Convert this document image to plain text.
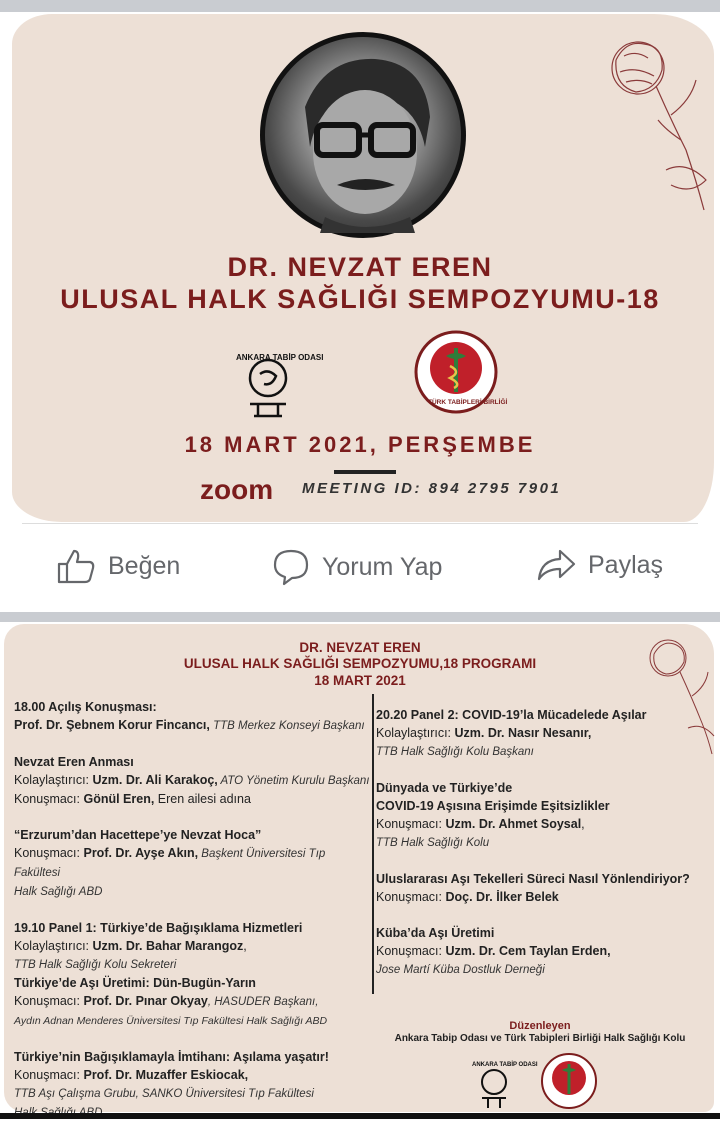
DR. NEVZAT EREN
ULUSAL HALK SAĞLIĞI SEMPOZYUMU-18
ANKARA TABİP ODASI
TÜRK TABİPLERİ BİRLİĞİ
18 MART 2021, PERŞEMBE
zoom MEETING ID: 894 2795 7901
Beğen	Yorum Yap	Paylaş
DR. NEVZAT EREN
ULUSAL HALK SAĞLIĞI SEMPOZYUMU,18 PROGRAMI
18 MART 2021
18.00 Açılış Konuşması:
Prof. Dr. Şebnem Korur Fincancı, TTB Merkez Konseyi Başkanı
Nevzat Eren Anması
Kolaylaştırıcı: Uzm. Dr. Ali Karakoç, ATO Yönetim Kurulu Başkanı
Konuşmacı: Gönül Eren, Eren ailesi adına
“Erzurum’dan Hacettepe’ye Nevzat Hoca”
Konuşmacı: Prof. Dr. Ayşe Akın, Başkent Üniversitesi Tıp Fakültesi
Halk Sağlığı ABD
19.10 Panel 1: Türkiye’de Bağışıklama Hizmetleri
Kolaylaştırıcı: Uzm. Dr. Bahar Marangoz,
TTB Halk Sağlığı Kolu Sekreteri
Türkiye’de Aşı Üretimi: Dün-Bugün-Yarın
Konuşmacı: Prof. Dr. Pınar Okyay, HASUDER Başkanı,
Aydın Adnan Menderes Üniversitesi Tıp Fakültesi Halk Sağlığı ABD
Türkiye’nin Bağışıklamayla İmtihanı: Aşılama yaşatır!
Konuşmacı: Prof. Dr. Muzaffer Eskiocak,
TTB Aşı Çalışma Grubu, SANKO Üniversitesi Tıp Fakültesi

20.20 Panel 2: COVID-19’la Mücadelede Aşılar
Kolaylaştırıcı: Uzm. Dr. Nasır Nesanır,
TTB Halk Sağlığı Kolu Başkanı
Dünyada ve Türkiye’de
COVID-19 Aşısına Erişimde Eşitsizlikler
Konuşmacı: Uzm. Dr. Ahmet Soysal,
TTB Halk Sağlığı Kolu
Uluslararası Aşı Tekelleri Süreci Nasıl Yönlendiriyor?
Konuşmacı: Doç. Dr. İlker Belek
Küba’da Aşı Üretimi
Konuşmacı: Uzm. Dr. Cem Taylan Erden,
Jose Martí Küba Dostluk Derneği
Düzenleyen
Ankara Tabip Odası ve Türk Tabipleri Birliği Halk Sağlığı Kolu
ANKARA TABİP ODASI
